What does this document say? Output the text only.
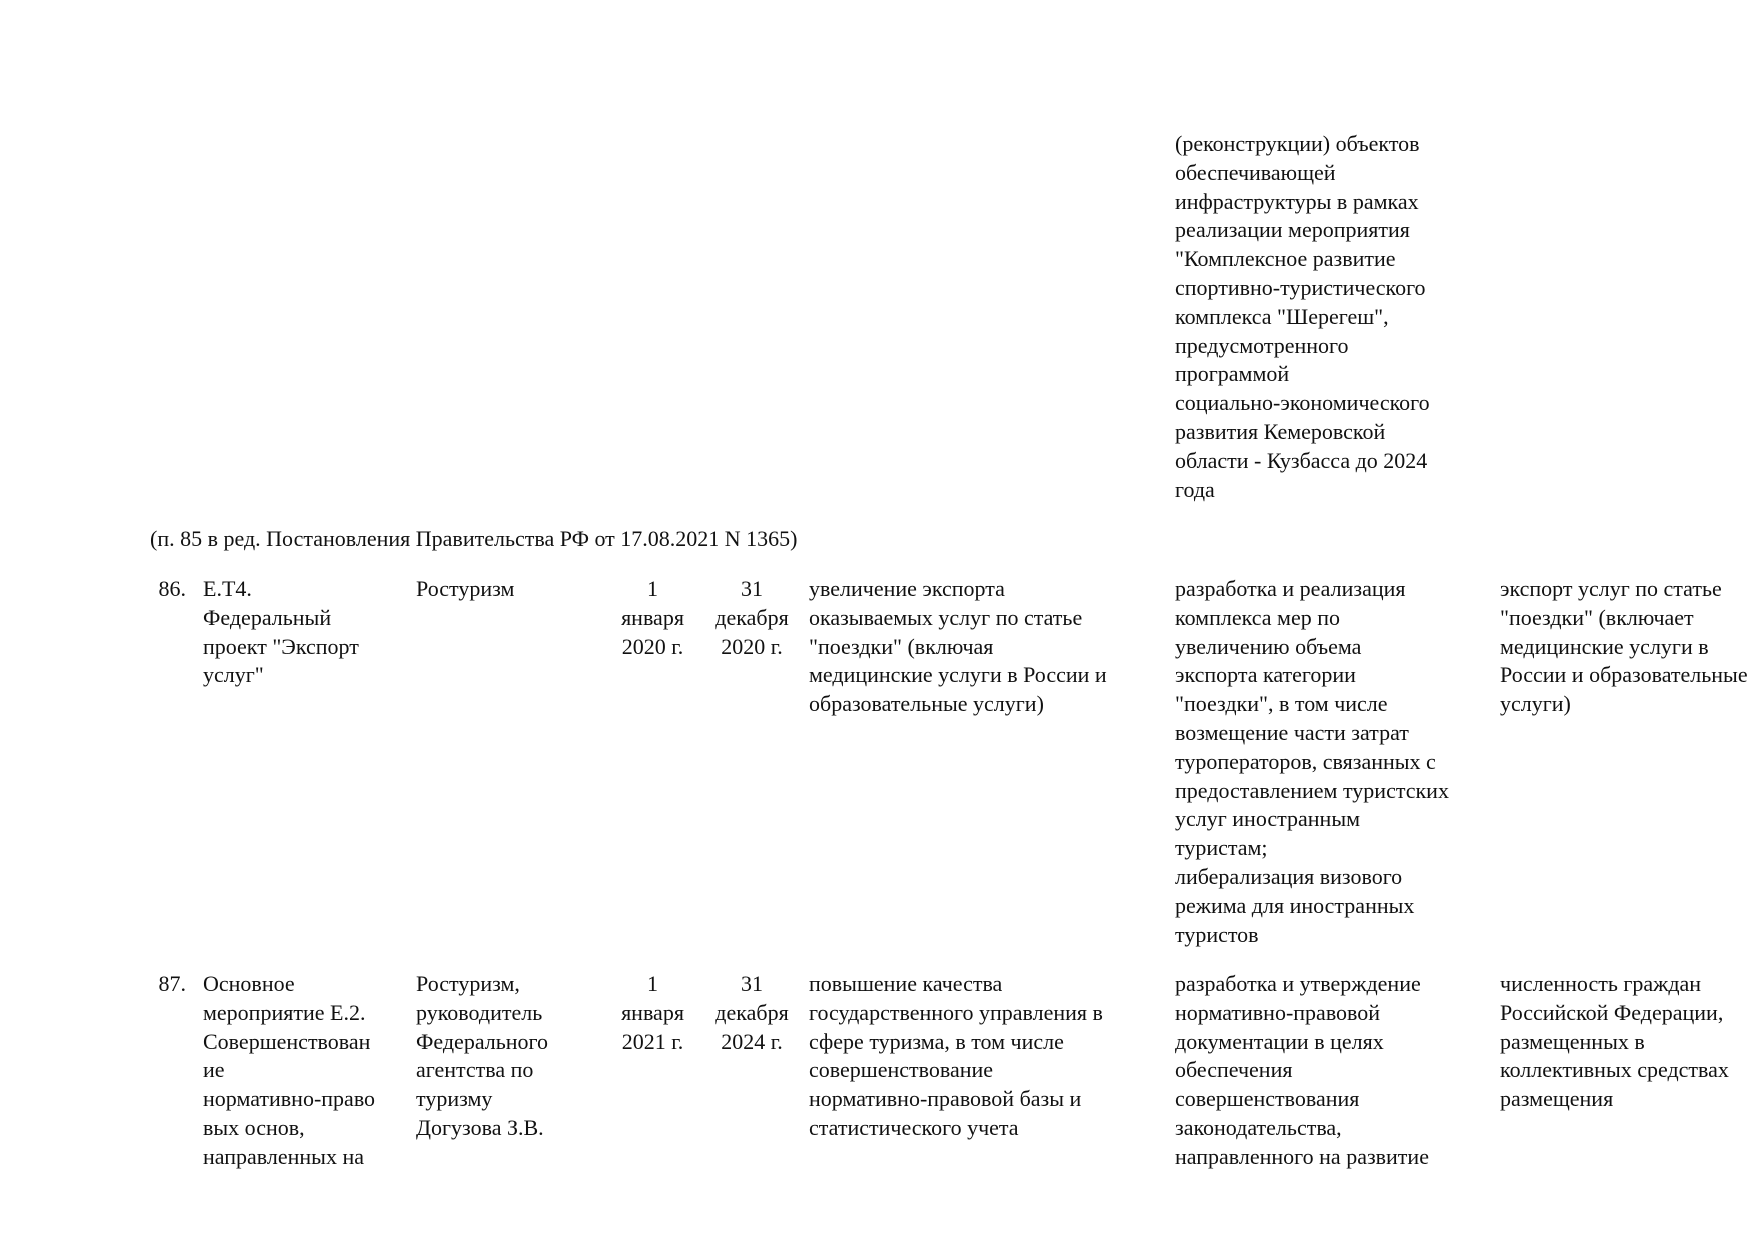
(реконструкции) объектов
обеспечивающей
инфраструктуры в рамках
реализации мероприятия
"Комплексное развитие
спортивно-туристического
комплекса "Шерегеш",
предусмотренного
программой
социально-экономического
развития Кемеровской
области - Кузбасса до 2024
года
(п. 85 в ред. Постановления Правительства РФ от 17.08.2021 N 1365)
86. Е.Т4.
Федеральный
проект "Экспорт
услуг"
Ростуризм	1
января
2020 г.
31
декабря
2020 г.
увеличение экспорта
оказываемых услуг по статье
"поездки" (включая
медицинские услуги в России и
образовательные услуги)
разработка и реализация
комплекса мер по
увеличению объема
экспорта категории
"поездки", в том числе
возмещение части затрат
туроператоров, связанных с
предоставлением туристских
услуг иностранным
туристам;
либерализация визового
режима для иностранных
туристов
экспорт услуг по статье
"поездки" (включает
медицинские услуги в
России и образовательные
услуги)
87. Основное
мероприятие Е.2.
Совершенствован
ие
нормативно-право
вых основ,
направленных на
Ростуризм,
руководитель
Федерального
агентства по
туризму
Догузова З.В.
1
января
2021 г.
31
декабря
2024 г.
повышение качества
государственного управления в
сфере туризма, в том числе
совершенствование
нормативно-правовой базы и
статистического учета
разработка и утверждение
нормативно-правовой
документации в целях
обеспечения
совершенствования
законодательства,
направленного на развитие
численность граждан
Российской Федерации,
размещенных в
коллективных средствах
размещения
